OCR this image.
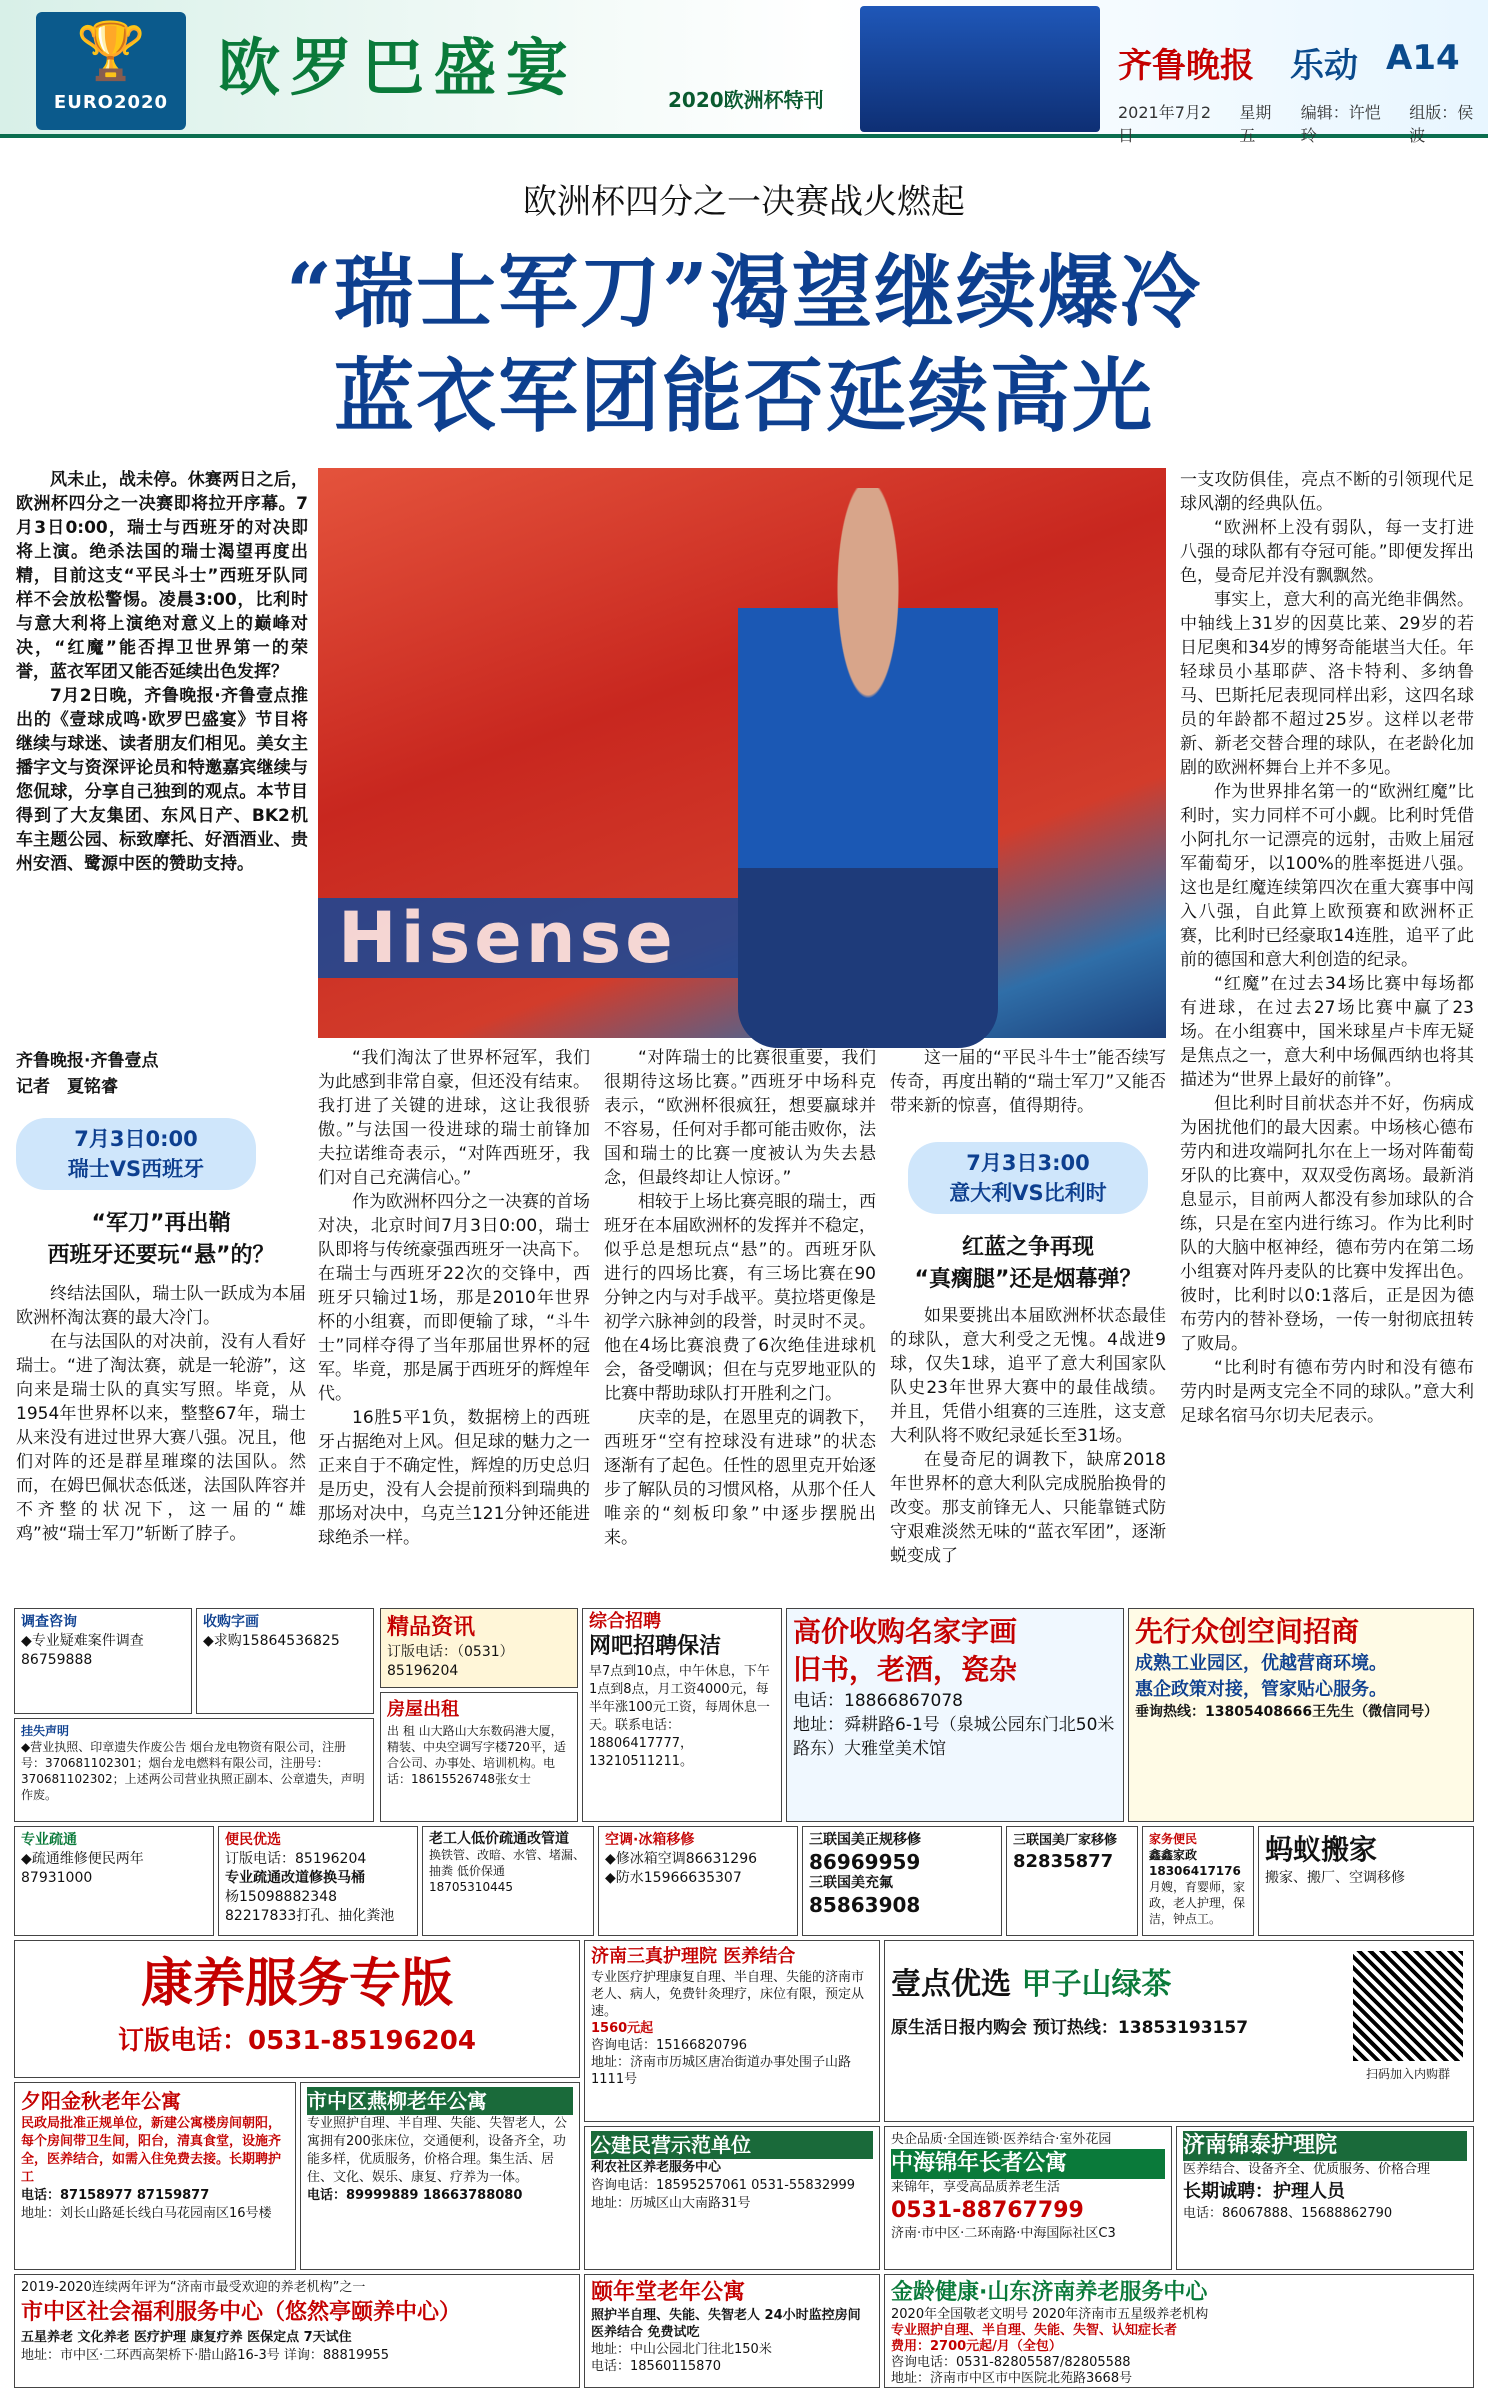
🏆
EURO2020 欧罗巴盛宴	2020欧洲杯特刊
齐鲁晚报 乐动 A14
2021年7月2日
星期五
编辑：许恺玲
组版：侯波
欧洲杯四分之一决赛战火燃起
“瑞士军刀”渴望继续爆冷
蓝衣军团能否延续高光
Hisense
作为目前都全胜的队伍，意大利和比利时谁能笑到最后？

风未止，战未停。休赛两日之后，欧洲杯四分之一决赛即将拉开序幕。7月3日0:00，瑞士与西班牙的对决即将上演。绝杀法国的瑞士渴望再度出精，目前这支“平民斗士”西班牙队同样不会放松警惕。凌晨3:00，比利时与意大利将上演绝对意义上的巅峰对决，“红魔”能否捍卫世界第一的荣誉，蓝衣军团又能否延续出色发挥？

7月2日晚，齐鲁晚报·齐鲁壹点推出的《壹球成鸣·欧罗巴盛宴》节目将继续与球迷、读者朋友们相见。美女主播字文与资深评论员和特邀嘉宾继续与您侃球，分享自己独到的观点。本节目得到了大友集团、东风日产、BK2机车主题公园、标致摩托、好酒酒业、贵州安酒、鹭源中医的赞助支持。

一支攻防俱佳，亮点不断的引领现代足球风潮的经典队伍。

“欧洲杯上没有弱队，每一支打进八强的球队都有夺冠可能。”即便发挥出色，曼奇尼并没有飘飘然。

事实上，意大利的高光绝非偶然。中轴线上31岁的因莫比莱、29岁的若日尼奥和34岁的博努奇能堪当大任。年轻球员小基耶萨、洛卡特利、多纳鲁马、巴斯托尼表现同样出彩，这四名球员的年龄都不超过25岁。这样以老带新、新老交替合理的球队，在老龄化加剧的欧洲杯舞台上并不多见。

作为世界排名第一的“欧洲红魔”比利时，实力同样不可小觑。比利时凭借小阿扎尔一记漂亮的远射，击败上届冠军葡萄牙，以100%的胜率挺进八强。这也是红魔连续第四次在重大赛事中闯入八强，自此算上欧预赛和欧洲杯正赛，比利时已经豪取14连胜，追平了此前的德国和意大利创造的纪录。

“红魔”在过去34场比赛中每场都有进球，在过去27场比赛中赢了23场。在小组赛中，国米球星卢卡库无疑是焦点之一，意大利中场佩西纳也将其描述为“世界上最好的前锋”。

但比利时目前状态并不好，伤病成为困扰他们的最大因素。中场核心德布劳内和进攻端阿扎尔在上一场对阵葡萄牙队的比赛中，双双受伤离场。最新消息显示，目前两人都没有参加球队的合练，只是在室内进行练习。作为比利时队的大脑中枢神经，德布劳内在第二场小组赛对阵丹麦队的比赛中发挥出色。彼时，比利时以0:1落后，正是因为德布劳内的替补登场，一传一射彻底扭转了败局。

“比利时有德布劳内时和没有德布劳内时是两支完全不同的球队。”意大利足球名宿马尔切夫尼表示。

齐鲁晚报·齐鲁壹点
记者　夏铭睿
7月3日0:00
瑞士VS西班牙
“军刀”再出鞘
西班牙还要玩“悬”的？

终结法国队，瑞士队一跃成为本届欧洲杯淘汰赛的最大冷门。

在与法国队的对决前，没有人看好瑞士。“进了淘汰赛，就是一轮游”，这向来是瑞士队的真实写照。毕竟，从1954年世界杯以来，整整67年，瑞士从来没有进过世界大赛八强。况且，他们对阵的还是群星璀璨的法国队。然而，在姆巴佩状态低迷，法国队阵容并不齐整的状况下，这一届的“雄鸡”被“瑞士军刀”斩断了脖子。

“我们淘汰了世界杯冠军，我们为此感到非常自豪，但还没有结束。我打进了关键的进球，这让我很骄傲。”与法国一役进球的瑞士前锋加夫拉诺维奇表示，“对阵西班牙，我们对自己充满信心。”

作为欧洲杯四分之一决赛的首场对决，北京时间7月3日0:00，瑞士队即将与传统豪强西班牙一决高下。在瑞士与西班牙22次的交锋中，西班牙只输过1场，那是2010年世界杯的小组赛，而即便输了球，“斗牛士”同样夺得了当年那届世界杯的冠军。毕竟，那是属于西班牙的辉煌年代。

16胜5平1负，数据榜上的西班牙占据绝对上风。但足球的魅力之一正来自于不确定性，辉煌的历史总归是历史，没有人会提前预料到瑞典的那场对决中，乌克兰121分钟还能进球绝杀一样。

“对阵瑞士的比赛很重要，我们很期待这场比赛。”西班牙中场科克表示，“欧洲杯很疯狂，想要赢球并不容易，任何对手都可能击败你，法国和瑞士的比赛一度被认为失去悬念，但最终却让人惊讶。”

相较于上场比赛亮眼的瑞士，西班牙在本届欧洲杯的发挥并不稳定，似乎总是想玩点“悬”的。西班牙队进行的四场比赛，有三场比赛在90分钟之内与对手战平。莫拉塔更像是初学六脉神剑的段誉，时灵时不灵。他在4场比赛浪费了6次绝佳进球机会，备受嘲讽；但在与克罗地亚队的比赛中帮助球队打开胜利之门。

庆幸的是，在恩里克的调教下，西班牙“空有控球没有进球”的状态逐渐有了起色。任性的恩里克开始逐步了解队员的习惯风格，从那个任人唯亲的“刻板印象”中逐步摆脱出来。

这一届的“平民斗牛士”能否续写传奇，再度出鞘的“瑞士军刀”又能否带来新的惊喜，值得期待。

7月3日3:00
意大利VS比利时
红蓝之争再现
“真瘸腿”还是烟幕弹？

如果要挑出本届欧洲杯状态最佳的球队，意大利受之无愧。4战进9球，仅失1球，追平了意大利国家队队史23年世界大赛中的最佳战绩。并且，凭借小组赛的三连胜，这支意大利队将不败纪录延长至31场。

在曼奇尼的调教下，缺席2018年世界杯的意大利队完成脱胎换骨的改变。那支前锋无人、只能靠链式防守艰难淡然无味的“蓝衣军团”，逐渐蜕变成了

调查咨询
◆专业疑难案件调查
86759888
收购字画
◆求购15864536825
挂失声明
◆营业执照、印章遗失作废公告 烟台龙电物资有限公司，注册号：370681102301；烟台龙电燃料有限公司，注册号：370681102302；上述两公司营业执照正副本、公章遗失，声明作废。
精品资讯
订版电话：（0531）85196204
房屋出租
出 租 山大路山大东数码港大厦，精装、中央空调写字楼720平，适合公司、办事处、培训机构。电话：18615526748张女士
综合招聘
网吧招聘保洁
早7点到10点，中午休息，下午1点到8点，月工资4000元，每半年涨100元工资，每周休息一天。联系电话：18806417777，13210511211。
高价收购名家字画
旧书，老酒，瓷杂
电话：18866867078
地址：舜耕路6-1号（泉城公园东门北50米路东）大雅堂美术馆
先行众创空间招商
成熟工业园区，优越营商环境。
惠企政策对接，管家贴心服务。
垂询热线：13805408666王先生（微信同号）
专业疏通
◆疏通维修便民两年
87931000
便民优选
订版电话：85196204
专业疏通改道修换马桶
杨15098882348 82217833打孔、抽化粪池
老工人低价疏通改管道
换铁管、改暗、水管、堵漏、抽粪 低价保通 18705310445
空调·冰箱移修
◆修冰箱空调86631296
◆防水15966635307
三联国美正规移修
86969959
三联国美充氟
85863908
三联国美厂家移修
82835877
家务便民
鑫鑫家政18306417176
月嫂，育婴师，家政，老人护理，保洁，钟点工。
蚂蚁搬家
搬家、搬厂、空调移修
康养服务专版
订版电话：0531-85196204
济南三真护理院 医养结合
专业医疗护理康复自理、半自理、失能的济南市老人、病人，免费针灸理疗，床位有限，预定从速。
1560元起
咨询电话：15166820796
地址：济南市历城区唐冶街道办事处围子山路1111号
壹点优选 甲子山绿茶
原生活日报内购会 预订热线：13853193157
扫码加入内购群
夕阳金秋老年公寓
民政局批准正规单位，新建公寓楼房间朝阳，每个房间带卫生间，阳台，清真食堂，设施齐全，医养结合，如需入住免费去接。长期聘护工
电话：87158977 87159877
地址：刘长山路延长线白马花园南区16号楼
市中区燕柳老年公寓
专业照护自理、半自理、失能、失智老人，公寓拥有200张床位，交通便利，设备齐全，功能多样，优质服务，价格合理。集生活、居住、文化、娱乐、康复、疗养为一体。
电话：89999889 18663788080
公建民营示范单位
利农社区养老服务中心
咨询电话：18595257061 0531-55832999
地址：历城区山大南路31号
央企品质·全国连锁·医养结合·室外花园
中海锦年长者公寓
来锦年，享受高品质养老生活
0531-88767799
济南·市中区·二环南路·中海国际社区C3
济南锦泰护理院
医养结合、设备齐全、优质服务、价格合理
长期诚聘：护理人员
电话：86067888、15688862790
2019-2020连续两年评为“济南市最受欢迎的养老机构”之一
市中区社会福利服务中心（悠然亭颐养中心）
五星养老 文化养老 医疗护理 康复疗养 医保定点 7天试住
地址：市中区·二环西高架桥下·腊山路16-3号 详询：88819955
颐年堂老年公寓
照护半自理、失能、失智老人 24小时监控房间 医养结合 免费试吃
地址：中山公园北门往北150米
电话：18560115870
金龄健康·山东济南养老服务中心
2020年全国敬老文明号 2020年济南市五星级养老机构
专业照护自理、半自理、失能、失智、认知症长者
费用：2700元起/月（全包）
咨询电话：0531-82805587/82805588
地址：济南市中区市中医院北苑路3668号
